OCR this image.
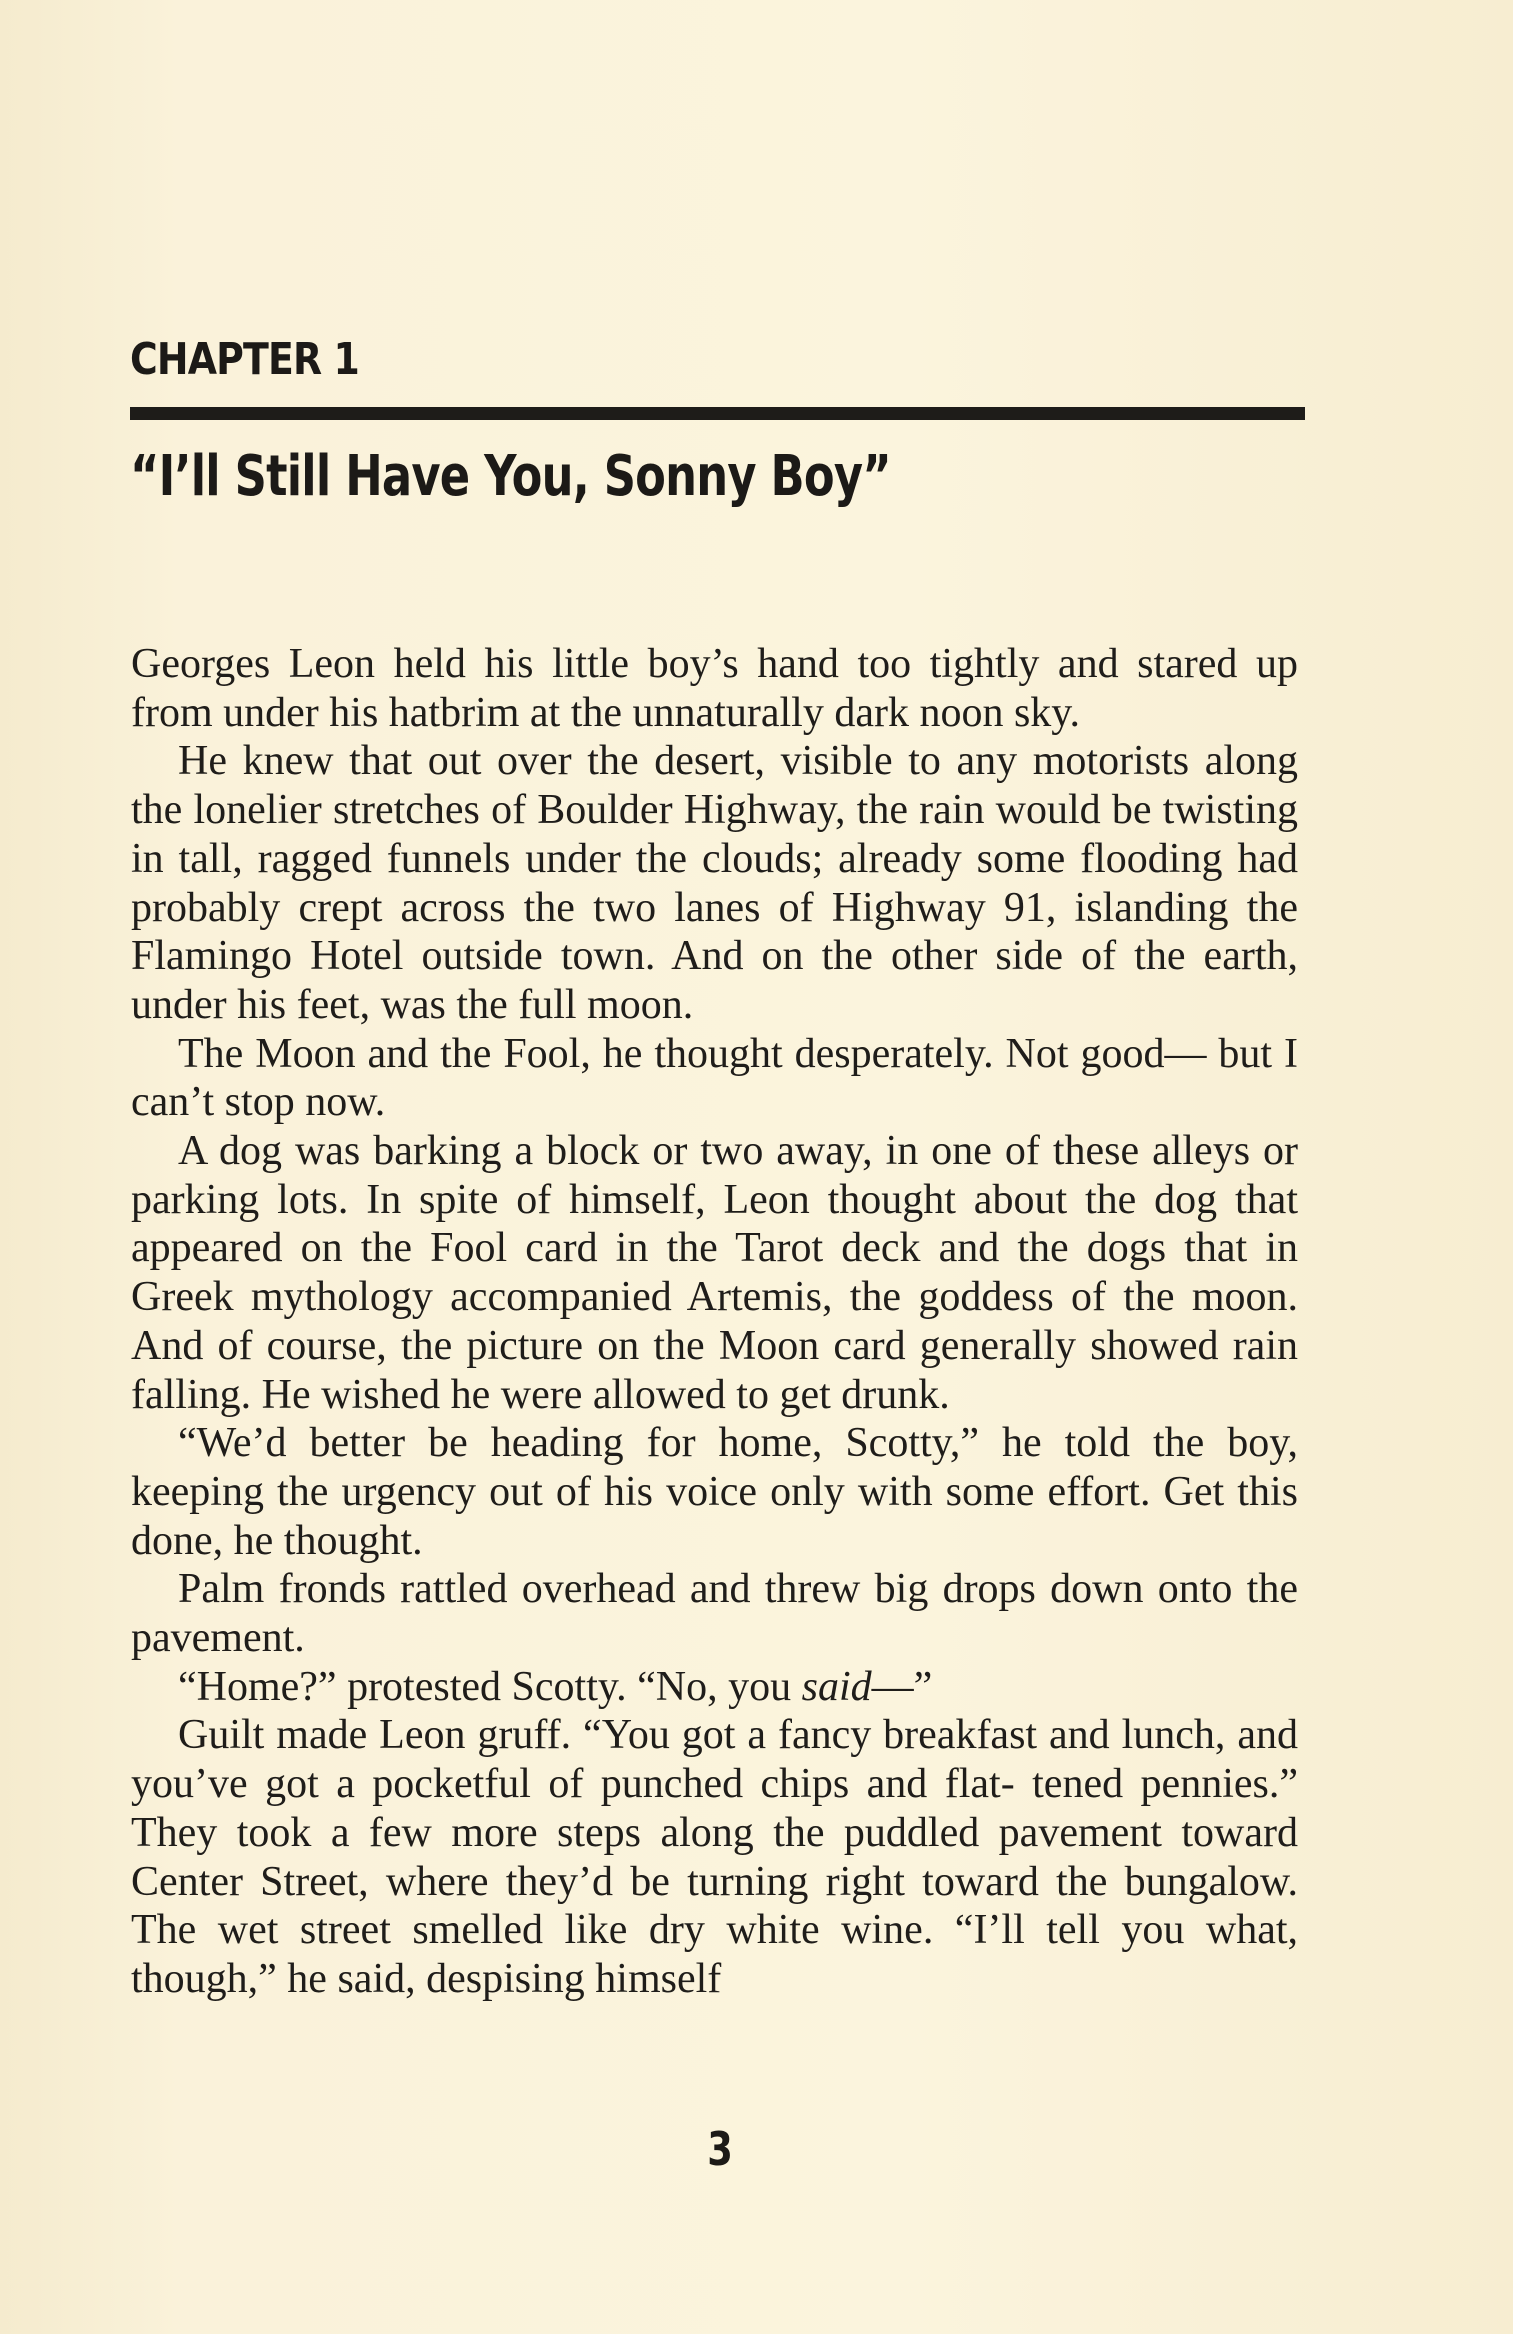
CHAPTER 1
“I’ll Still Have You, Sonny Boy”

Georges Leon held his little boy’s hand too tightly and stared up from under his hatbrim at the unnaturally dark noon sky.

He knew that out over the desert, visible to any motorists along the lonelier stretches of Boulder Highway, the rain would be twisting in tall, ragged funnels under the clouds; already some flooding had probably crept across the two lanes of Highway 91, islanding the Flamingo Hotel outside town. And on the other side of the earth, under his feet, was the full moon.

The Moon and the Fool, he thought desperately. Not good— but I can’t stop now.

A dog was barking a block or two away, in one of these alleys or parking lots. In spite of himself, Leon thought about the dog that appeared on the Fool card in the Tarot deck and the dogs that in Greek mythology accompanied Artemis, the goddess of the moon. And of course, the picture on the Moon card generally showed rain falling. He wished he were allowed to get drunk.

“We’d better be heading for home, Scotty,” he told the boy, keeping the urgency out of his voice only with some effort. Get this done, he thought.

Palm fronds rattled overhead and threw big drops down onto the pavement.

“Home?” protested Scotty. “No, you said—”

Guilt made Leon gruff. “You got a fancy breakfast and lunch, and you’ve got a pocketful of punched chips and flat- tened pennies.” They took a few more steps along the puddled pavement toward Center Street, where they’d be turning right toward the bungalow. The wet street smelled like dry white wine. “I’ll tell you what, though,” he said, despising himself

3
